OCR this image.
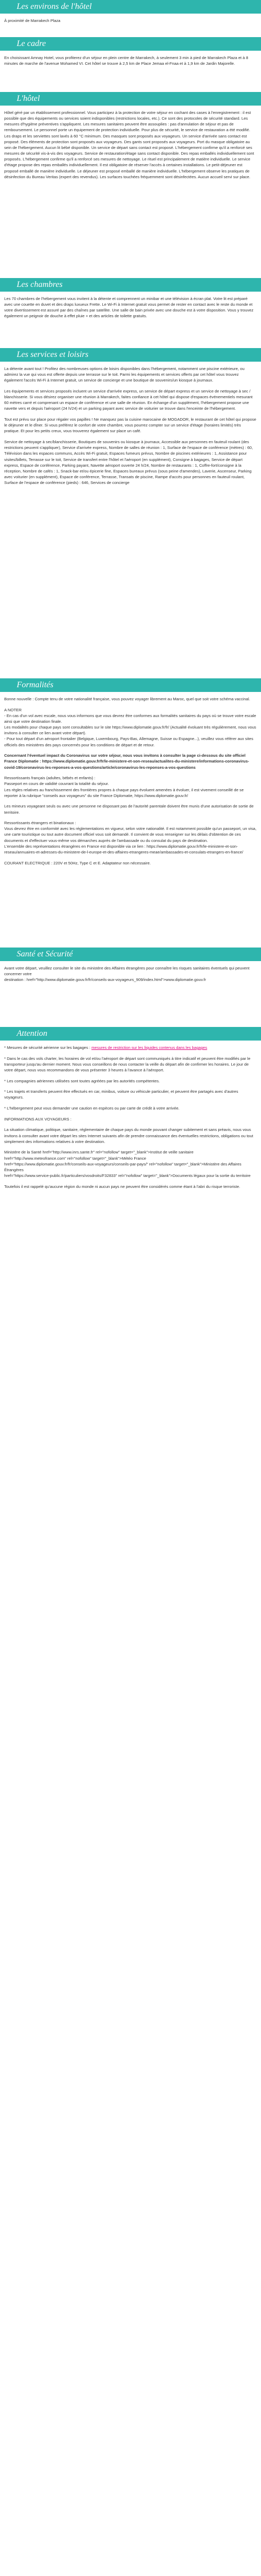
Les environs de l'hôtel

À proximité de Marrakech Plaza

Le cadre

En choisissant Amnay Hotel, vous profiterez d'un séjour en plein centre de Marrakech, à seulement 3 min à pied de Marrakech Plaza et à 8 minutes de marche de l'avenue Mohamed VI. Cet hôtel se trouve à 2,5 km de Place Jemaa el-Fnaa et à 1,9 km de Jardin Majorelle.

L'hôtel

Hôtel géré par un établissement professionnel. Vous participez à la protection de votre séjour en cochant des cases à l'enregistrement : il est possible que des équipements ou services soient indisponibles (restrictions locales, etc.). Ce sont des protocoles de sécurité standard. Les mesures d'hygiène préventives s'appliquent. Les mesures sanitaires peuvent être assouplies : pas d'annulation de séjour et pas de remboursement. Le personnel porte un équipement de protection individuelle. Pour plus de sécurité, le service de restauration a été modifié. Les draps et les serviettes sont lavés à 60 °C minimum. Des masques sont proposés aux voyageurs. Un service d'arrivée sans contact est proposé. Des éléments de protection sont proposés aux voyageurs. Des gants sont proposés aux voyageurs. Port du masque obligatoire au sein de l'hébergement. Aucun lit bébé disponible. Un service de départ sans contact est proposé. L'hébergement confirme qu'il a renforcé ses mesures de sécurité vis-à-vis des voyageurs. Service de restauration/étage sans contact disponible. Des repas emballés individuellement sont proposés. L'hébergement confirme qu'il a renforcé ses mesures de nettoyage. Le rituel est principalement de matière individuelle. Le service d'étage propose des repas emballés individuellement. Il est obligatoire de réserver l'accès à certaines installations. Le petit-déjeuner est proposé emballé de manière individuelle. Le déjeuner est proposé emballé de manière individuelle. L'hébergement observe les pratiques de désinfection du Bureau Veritas (expert des revendus). Les surfaces touchées fréquemment sont désinfectées. Aucun accueil servi sur place.

Les chambres

Les 70 chambres de l'hébergement vous invitent à la détente et comprennent un minibar et une télévision à écran plat. Votre lit est préparé avec une couette en duvet et des draps luxueux Frette. Le Wi-Fi à Internet gratuit vous permet de rester en contact avec le reste du monde et votre divertissement est assuré par des chaînes par satellite. Une salle de bain privée avec une douche est à votre disposition. Vous y trouvez également un peignoir de douche à effet pluie + et des articles de toilette gratuits.

Les services et loisirs

La détente avant tout ! Profitez des nombreuses options de loisirs disponibles dans l'hébergement, notamment une piscine extérieure, ou admirez la vue qui vous est offerte depuis une terrasse sur le toit. Parmi les équipements et services offerts par cet hôtel vous trouvez également l'accès Wi-Fi à Internet gratuit, un service de concierge et une boutique de souvenirs/un kiosque à journaux.

Les équipements et services proposés incluent un service d'arrivée express, un service de départ express et un service de nettoyage à sec / blanchisserie. Si vous désirez organiser une réunion à Marrakech, faites confiance à cet hôtel qui dispose d'espaces événementiels mesurant 60 mètres carré et comprenant un espace de conférence et une salle de réunion. En échange d'un supplément, l'hébergement propose une navette vers et depuis l'aéroport (24 h/24) et un parking payant avec service de voiturier se trouve dans l'enceinte de l'hébergement.

Tout est prévu sur place pour régaler vos papilles ! Ne manquez pas la cuisine marocaine de MOGADOR, le restaurant de cet hôtel qui propose le déjeuner et le dîner. Si vous préférez le confort de votre chambre, vous pourrez compter sur un service d'étage (horaires limités) très pratique. Et pour les petits creux, vous trouverez également sur place un café.

Service de nettoyage à sec/blanchisserie, Boutiques de souvenirs ou kiosque à journaux, Accessible aux personnes en fauteuil roulant (des restrictions peuvent s'appliquer), Service d'arrivée express, Nombre de salles de réunion : 1, Surface de l'espace de conférence (mètres) : 60, Télévision dans les espaces communs, Accès Wi-Fi gratuit, Espaces fumeurs prévus, Nombre de piscines extérieures : 1, Assistance pour visites/billets, Terrasse sur le toit, Service de transfert entre l'hôtel et l'aéroport (en supplément), Consigne à bagages, Service de départ express, Espace de conférence, Parking payant, Navette aéroport ouverte 24 h/24, Nombre de restaurants : 1, Coffre-fort/consigne à la réception, Nombre de cafés : 1, Snack-bar et/ou épicerie fine, Espaces bureaux prévus (sous peine d'amendes), Laverie, Ascenseur, Parking avec voiturier (en supplément), Espace de conférence, Terrasse, Transats de piscine, Rampe d'accès pour personnes en fauteuil roulant, Surface de l'espace de conférence (pieds) : 646, Services de concierge

Formalités

Bonne nouvelle : Compte tenu de votre nationalité française, vous pouvez voyager librement au Maroc, quel que soit votre schéma vaccinal.

A NOTER
- En cas d'un vol avec escale, nous vous informons que vous devrez être conformes aux formalités sanitaires du pays où se trouve votre escale ainsi que votre destination finale.
Les modalités pour chaque pays sont consultables sur le site https://www.diplomatie.gouv.fr/fr/ (Actualité évoluant très régulièrement, nous vous invitons à consulter ce lien avant votre départ).
- Pour tout départ d'un aéroport frontalier (Belgique, Luxembourg, Pays-Bas, Allemagne, Suisse ou Espagne...), veuillez vous référer aux sites officiels des ministères des pays concernés pour les conditions de départ et de retour.

Concernant l'éventuel impact du Coronavirus sur votre séjour, nous vous invitons à consulter la page ci-dessous du site officiel France Diplomatie : https://www.diplomatie.gouv.fr/fr/le-ministere-et-son-reseau/actualites-du-ministere/informations-coronavirus-covid-19/coronavirus-les-reponses-a-vos-questions/article/coronavirus-les-reponses-a-vos-questions

Ressortissants français (adultes, bébés et enfants) :
Passeport en cours de validité couvrant la totalité du séjour.
Les règles relatives au franchissement des frontières propres à chaque pays évoluent amenées à évoluer, il est vivement conseillé de se reporter à la rubrique "conseils aux voyageurs" du site France Diplomatie, https://www.diplomatie.gouv.fr/

Les mineurs voyageant seuls ou avec une personne ne disposant pas de l'autorité parentale doivent être munis d'une autorisation de sortie de territoire.

Ressortissants étrangers et binationaux :
Vous devrez être en conformité avec les réglementations en vigueur, selon votre nationalité. Il est notamment possible qu'un passeport, un visa, une carte touristique ou tout autre document officiel vous soit demandé. Il convient de vous renseigner sur les délais d'obtention de ces documents et d'effectuer vous-même vos démarches auprès de l'ambassade ou du consulat du pays de destination.
L'ensemble des représentations étrangères en France est disponible via ce lien : https://www.diplomatie.gouv.fr/fr/le-ministere-et-son-reseau/annuaires-et-adresses-du-ministere-de-l-europe-et-des-affaires-etrangeres-meae/ambassades-et-consulats-etrangers-en-france/

COURANT ELECTRIQUE : 220V et 50Hz, Type C et E. Adaptateur non nécessaire.

Santé et Sécurité

Avant votre départ, veuillez consulter le site du ministère des Affaires étrangères pour connaître les risques sanitaires éventuels qui peuvent concerner votre
destination : href="http://www.diplomatie.gouv.fr/fr/conseils-aux-voyageurs_909/index.html">www.diplomatie.gouv.fr

Attention

* Mesures de sécurité aérienne sur les bagages : mesures de restriction sur les liquides contenus dans les bagages

* Dans le cas des vols charter, les horaires de vol et/ou l'aéroport de départ sont communiqués à titre indicatif et peuvent être modifiés par le transporteur jusqu'au dernier moment. Nous vous conseillons de nous contacter la veille du départ afin de confirmer les horaires. Le jour de votre départ, nous vous recommandons de vous présenter 3 heures à l'avance à l'aéroport.

* Les compagnies aériennes utilisées sont toutes agréées par les autorités compétentes.

* Les trajets et transferts peuvent être effectués en car, minibus, voiture ou véhicule particulier, et peuvent être partagés avec d'autres voyageurs.

* L'hébergement peut vous demander une caution en espèces ou par carte de crédit à votre arrivée.

INFORMATIONS AUX VOYAGEURS :

La situation climatique, politique, sanitaire, réglementaire de chaque pays du monde pouvant changer subitement et sans préavis, nous vous invitons à consulter avant votre départ les sites Internet suivants afin de prendre connaissance des éventuelles restrictions, obligations ou tout simplement des informations relatives à votre destination.

Ministère de la Santé href="http://www.inrs.sante.fr" rel="nofollow" target="_blank">Institut de veille sanitaire
href="http://www.meteofrance.com" rel="nofollow" target="_blank">Météo France
href="https://www.diplomatie.gouv.fr/fr/conseils-aux-voyageurs/conseils-par-pays/" rel="nofollow" target="_blank">Ministère des Affaires Étrangères
href="https://www.service-public.fr/particuliers/vosdroits/F32833" rel="nofollow" target="_blank">Documents légaux pour la sortie du territoire

Toutefois il est rappelé qu'aucune région du monde ni aucun pays ne peuvent être considérés comme étant à l'abri du risque terroriste.
